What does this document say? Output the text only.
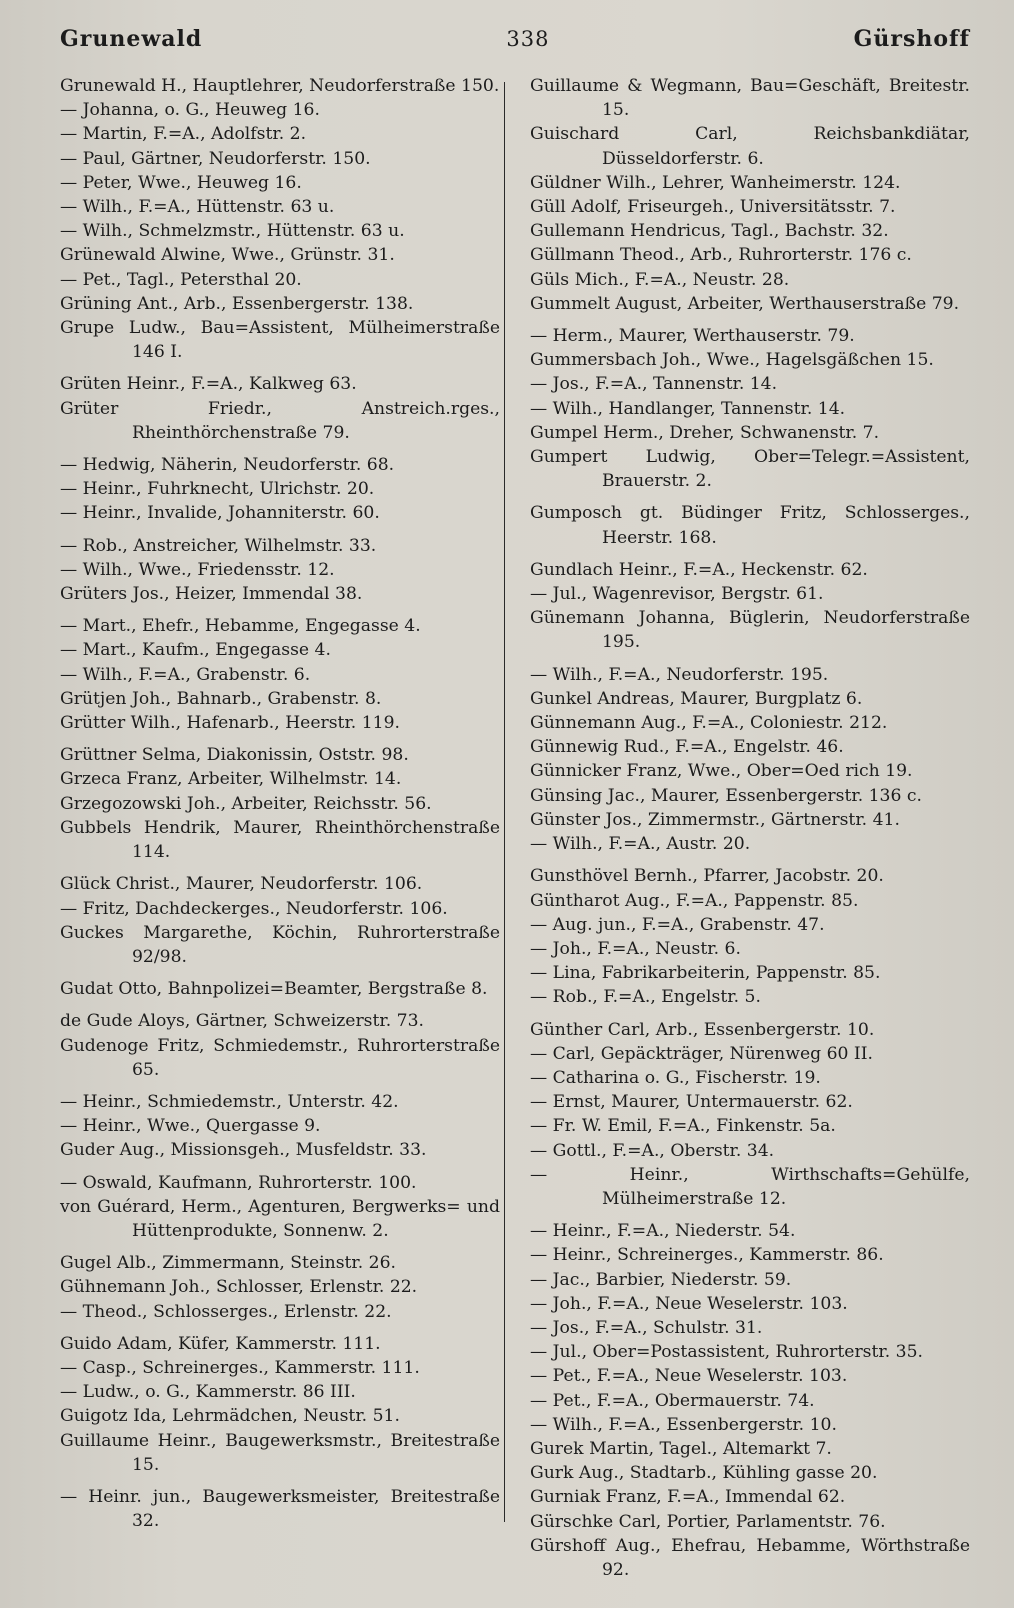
Grunewald	338	Gürshoff

Grunewald H., Hauptlehrer, Neudorferstraße 150.

— Johanna, o. G., Heuweg 16.

— Martin, F.=A., Adolfstr. 2.

— Paul, Gärtner, Neudorferstr. 150.

— Peter, Wwe., Heuweg 16.

— Wilh., F.=A., Hüttenstr. 63 u.

— Wilh., Schmelzmstr., Hüttenstr. 63 u.

Grünewald Alwine, Wwe., Grünstr. 31.

— Pet., Tagl., Petersthal 20.

Grüning Ant., Arb., Essenbergerstr. 138.

Grupe Ludw., Bau=Assistent, Mülheimerstraße 146 I.

Grüten Heinr., F.=A., Kalkweg 63.

Grüter Friedr., Anstreich.rges., Rheinthörchenstraße 79.

— Hedwig, Näherin, Neudorferstr. 68.

— Heinr., Fuhrknecht, Ulrichstr. 20.

— Heinr., Invalide, Johanniterstr. 60.

— Rob., Anstreicher, Wilhelmstr. 33.

— Wilh., Wwe., Friedensstr. 12.

Grüters Jos., Heizer, Immendal 38.

— Mart., Ehefr., Hebamme, Engegasse 4.

— Mart., Kaufm., Engegasse 4.

— Wilh., F.=A., Grabenstr. 6.

Grütjen Joh., Bahnarb., Grabenstr. 8.

Grütter Wilh., Hafenarb., Heerstr. 119.

Grüttner Selma, Diakonissin, Oststr. 98.

Grzeca Franz, Arbeiter, Wilhelmstr. 14.

Grzegozowski Joh., Arbeiter, Reichsstr. 56.

Gubbels Hendrik, Maurer, Rheinthörchenstraße 114.

Glück Christ., Maurer, Neudorferstr. 106.

— Fritz, Dachdeckerges., Neudorferstr. 106.

Guckes Margarethe, Köchin, Ruhrorterstraße 92/98.

Gudat Otto, Bahnpolizei=Beamter, Bergstraße 8.

de Gude Aloys, Gärtner, Schweizerstr. 73.

Gudenoge Fritz, Schmiedemstr., Ruhrorterstraße 65.

— Heinr., Schmiedemstr., Unterstr. 42.

— Heinr., Wwe., Quergasse 9.

Guder Aug., Missionsgeh., Musfeldstr. 33.

— Oswald, Kaufmann, Ruhrorterstr. 100.

von Guérard, Herm., Agenturen, Bergwerks= und Hüttenprodukte, Sonnenw. 2.

Gugel Alb., Zimmermann, Steinstr. 26.

Gühnemann Joh., Schlosser, Erlenstr. 22.

— Theod., Schlosserges., Erlenstr. 22.

Guido Adam, Küfer, Kammerstr. 111.

— Casp., Schreinerges., Kammerstr. 111.

— Ludw., o. G., Kammerstr. 86 III.

Guigotz Ida, Lehrmädchen, Neustr. 51.

Guillaume Heinr., Baugewerksmstr., Breitestraße 15.

— Heinr. jun., Baugewerksmeister, Breitestraße 32.

Guillaume & Wegmann, Bau=Geschäft, Breitestr. 15.

Guischard Carl, Reichsbankdiätar, Düsseldorferstr. 6.

Güldner Wilh., Lehrer, Wanheimerstr. 124.

Güll Adolf, Friseurgeh., Universitätsstr. 7.

Gullemann Hendricus, Tagl., Bachstr. 32.

Güllmann Theod., Arb., Ruhrorterstr. 176 c.

Güls Mich., F.=A., Neustr. 28.

Gummelt August, Arbeiter, Werthauserstraße 79.

— Herm., Maurer, Werthauserstr. 79.

Gummersbach Joh., Wwe., Hagelsgäßchen 15.

— Jos., F.=A., Tannenstr. 14.

— Wilh., Handlanger, Tannenstr. 14.

Gumpel Herm., Dreher, Schwanenstr. 7.

Gumpert Ludwig, Ober=Telegr.=Assistent, Brauerstr. 2.

Gumposch gt. Büdinger Fritz, Schlosserges., Heerstr. 168.

Gundlach Heinr., F.=A., Heckenstr. 62.

— Jul., Wagenrevisor, Bergstr. 61.

Günemann Johanna, Büglerin, Neudorferstraße 195.

— Wilh., F.=A., Neudorferstr. 195.

Gunkel Andreas, Maurer, Burgplatz 6.

Günnemann Aug., F.=A., Coloniestr. 212.

Günnewig Rud., F.=A., Engelstr. 46.

Günnicker Franz, Wwe., Ober=Oed rich 19.

Günsing Jac., Maurer, Essenbergerstr. 136 c.

Günster Jos., Zimmermstr., Gärtnerstr. 41.

— Wilh., F.=A., Austr. 20.

Gunsthövel Bernh., Pfarrer, Jacobstr. 20.

Güntharot Aug., F.=A., Pappenstr. 85.

— Aug. jun., F.=A., Grabenstr. 47.

— Joh., F.=A., Neustr. 6.

— Lina, Fabrikarbeiterin, Pappenstr. 85.

— Rob., F.=A., Engelstr. 5.

Günther Carl, Arb., Essenbergerstr. 10.

— Carl, Gepäckträger, Nürenweg 60 II.

— Catharina o. G., Fischerstr. 19.

— Ernst, Maurer, Untermauerstr. 62.

— Fr. W. Emil, F.=A., Finkenstr. 5a.

— Gottl., F.=A., Oberstr. 34.

— Heinr., Wirthschafts=Gehülfe, Mülheimerstraße 12.

— Heinr., F.=A., Niederstr. 54.

— Heinr., Schreinerges., Kammerstr. 86.

— Jac., Barbier, Niederstr. 59.

— Joh., F.=A., Neue Weselerstr. 103.

— Jos., F.=A., Schulstr. 31.

— Jul., Ober=Postassistent, Ruhrorterstr. 35.

— Pet., F.=A., Neue Weselerstr. 103.

— Pet., F.=A., Obermauerstr. 74.

— Wilh., F.=A., Essenbergerstr. 10.

Gurek Martin, Tagel., Altemarkt 7.

Gurk Aug., Stadtarb., Kühling gasse 20.

Gurniak Franz, F.=A., Immendal 62.

Gürschke Carl, Portier, Parlamentstr. 76.

Gürshoff Aug., Ehefrau, Hebamme, Wörthstraße 92.
